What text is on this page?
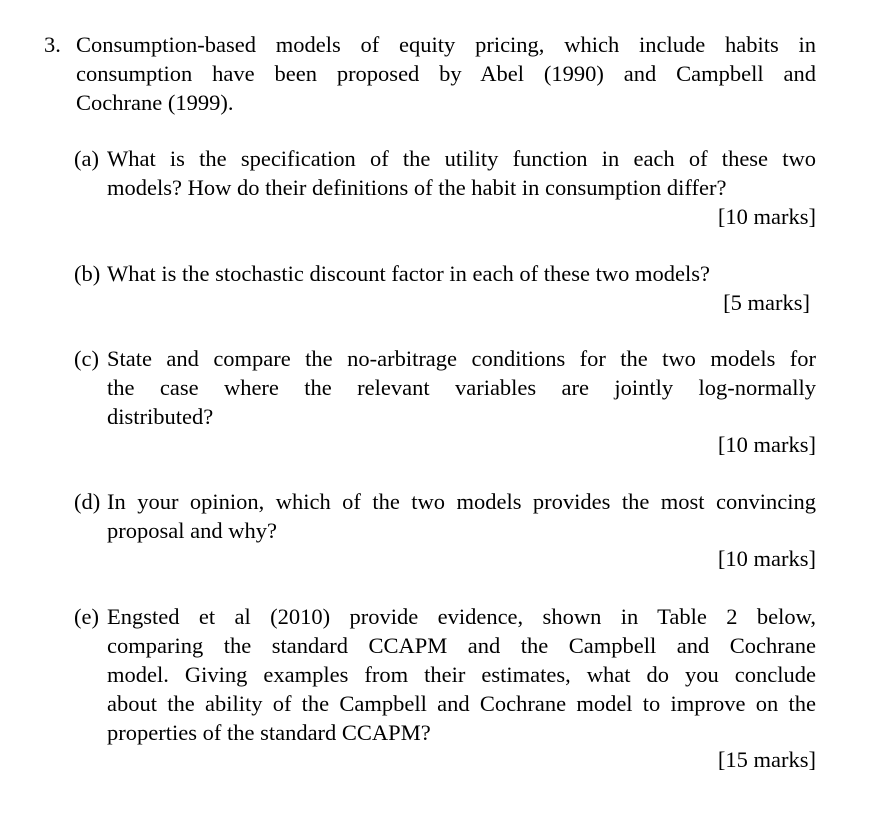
3. Consumption-based models of equity pricing, which include habits in
consumption have been proposed by Abel (1990) and Campbell and
Cochrane (1999).
(a) What is the specification of the utility function in each of these two
models? How do their definitions of the habit in consumption differ?
[10 marks]
(b) What is the stochastic discount factor in each of these two models?
[5 marks]
(c) State and compare the no-arbitrage conditions for the two models for
the case where the relevant variables are jointly log-normally
distributed?
[10 marks]
(d) In your opinion, which of the two models provides the most convincing
proposal and why?
[10 marks]
(e) Engsted et al (2010) provide evidence, shown in Table 2 below,
comparing the standard CCAPM and the Campbell and Cochrane
model. Giving examples from their estimates, what do you conclude
about the ability of the Campbell and Cochrane model to improve on the
properties of the standard CCAPM?
[15 marks]
